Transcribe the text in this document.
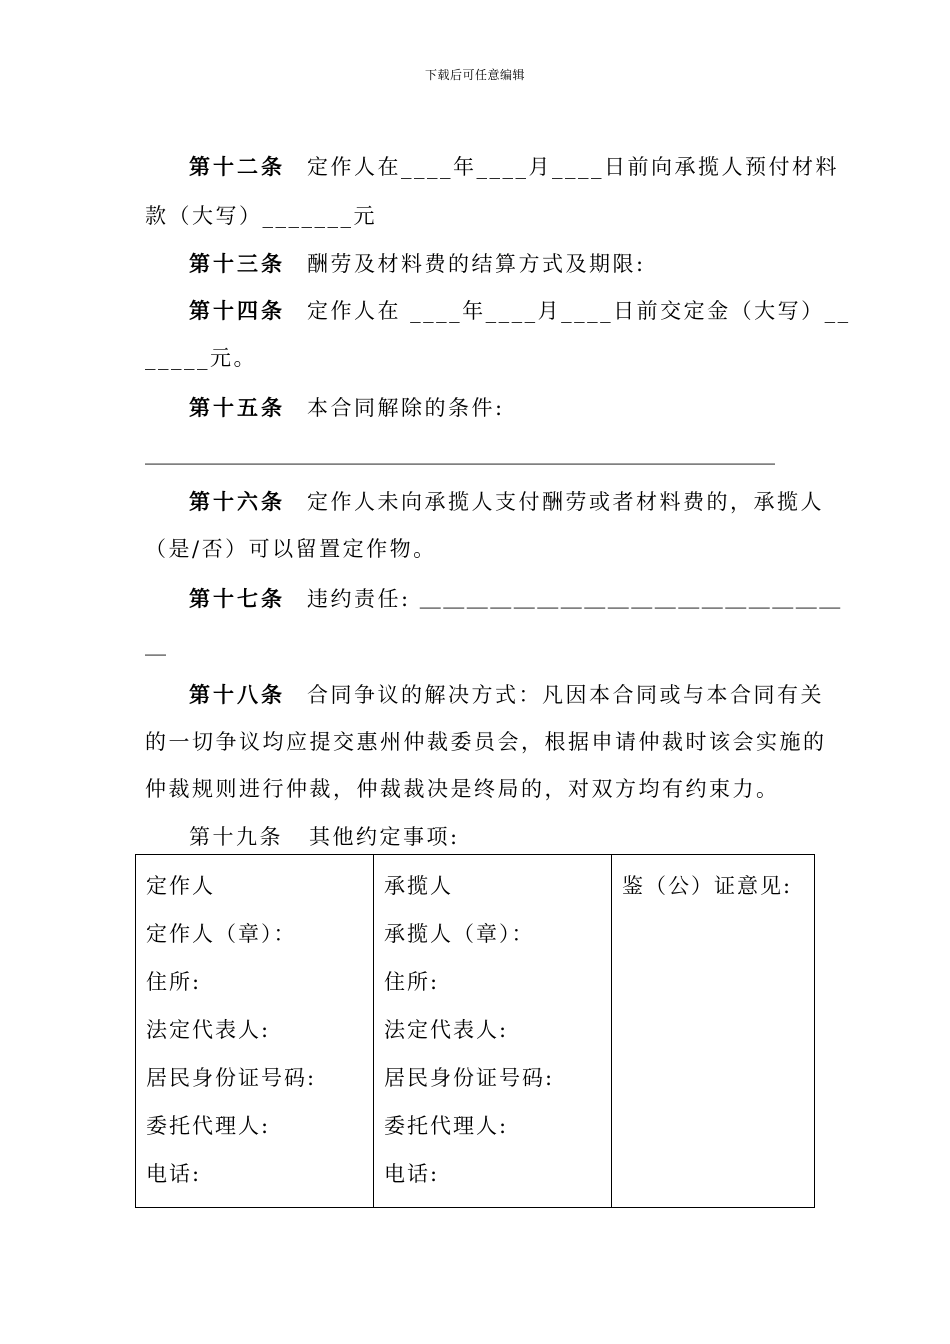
下载后可任意编辑
第十二条 定作人在____年____月____日前向承揽人预付材料
款（大写）_______元
第十三条 酬劳及材料费的结算方式及期限:
第十四条 定作人在 ____年____月____日前交定金（大写）__
_____元。
第十五条 本合同解除的条件:
＿＿＿＿＿＿＿＿＿＿＿＿＿＿＿＿＿＿＿＿＿＿＿＿＿＿＿＿＿＿
第十六条 定作人未向承揽人支付酬劳或者材料费的，承揽人
（是/否）可以留置定作物。
第十七条 违约责任: ＿＿＿＿＿＿＿＿＿＿＿＿＿＿＿＿＿＿
＿
第十八条 合同争议的解决方式：凡因本合同或与本合同有关
的一切争议均应提交惠州仲裁委员会，根据申请仲裁时该会实施的
仲裁规则进行仲裁，仲裁裁决是终局的，对双方均有约束力。
第十九条 其他约定事项:
定作人
定作人（章）：
住所:
法定代表人:
居民身份证号码:
委托代理人:
电话:

承揽人
承揽人（章）：
住所:
法定代表人:
居民身份证号码:
委托代理人:
电话:

鉴（公）证意见:
